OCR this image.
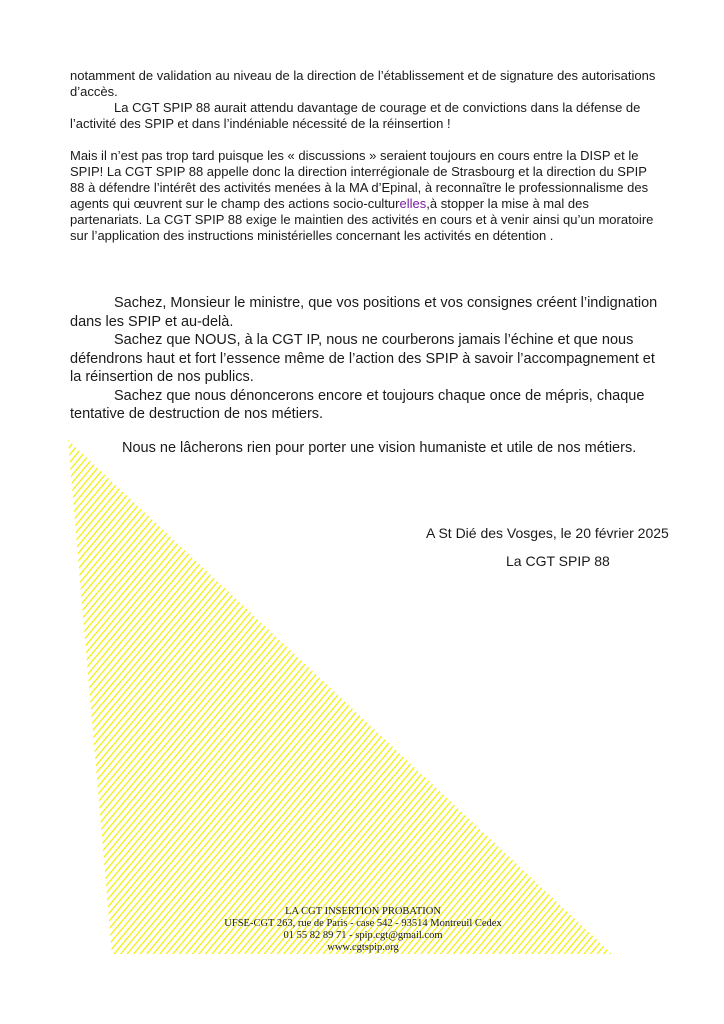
notamment de validation au niveau de la direction de l’établissement et de signature des autorisations d’accès.

La CGT SPIP 88 aurait attendu davantage de courage et de convictions dans la défense de l’activité des SPIP et dans l’indéniable nécessité de la réinsertion !

Mais il n’est pas trop tard puisque les « discussions » seraient toujours en cours entre la DISP et le SPIP! La CGT SPIP 88 appelle donc la direction interrégionale de Strasbourg et la direction du SPIP 88 à défendre l’intérêt des activités menées à la MA d’Epinal, à reconnaître le professionnalisme des agents qui œuvrent sur le champ des actions socio-culturelles,à stopper la mise à mal des partenariats. La CGT SPIP 88 exige le maintien des activités en cours et à venir ainsi qu’un moratoire sur l’application des instructions ministérielles concernant les activités en détention .

Sachez, Monsieur le ministre, que vos positions et vos consignes créent l’indignation dans les SPIP et au-delà.

Sachez que NOUS, à la CGT IP, nous ne courberons jamais l’échine et que nous défendrons haut et fort l’essence même de l’action des SPIP à savoir l’accompagnement et la réinsertion de nos publics.

Sachez que nous dénoncerons encore et toujours chaque once de mépris, chaque tentative de destruction de nos métiers.

Nous ne lâcherons rien pour porter une vision humaniste et utile de nos métiers.

A St Dié des Vosges, le 20 février 2025

La CGT SPIP 88

LA CGT INSERTION PROBATION
UFSE-CGT 263, rue de Paris - case 542 - 93514 Montreuil Cedex
01 55 82 89 71 - spip.cgt@gmail.com
www.cgtspip.org
